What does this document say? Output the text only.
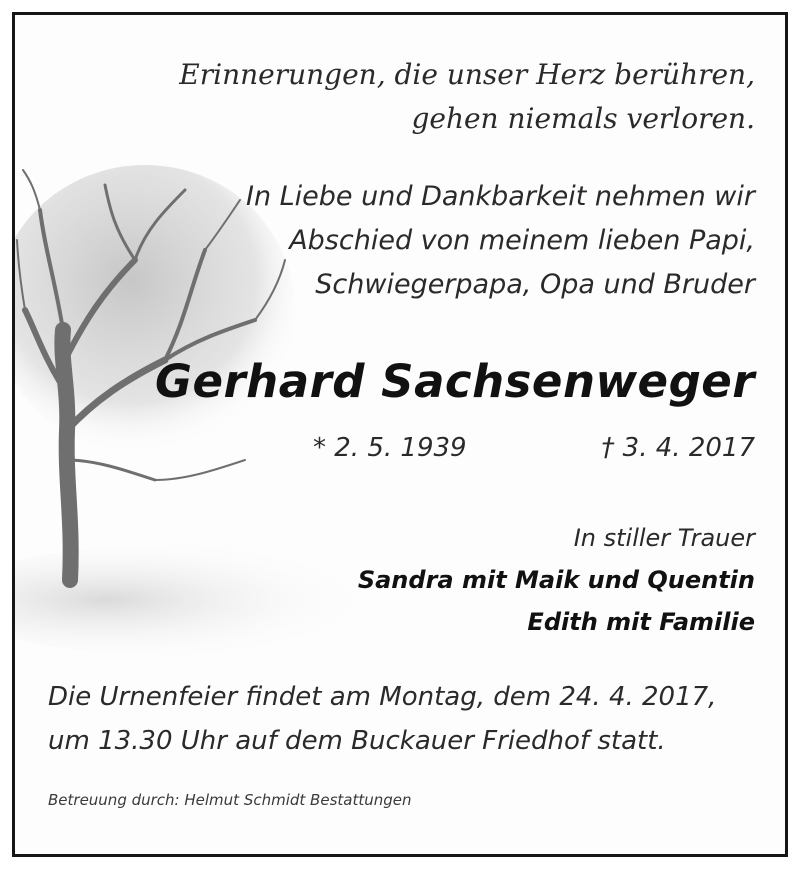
Erinnerungen, die unser Herz berühren,
gehen niemals verloren.
In Liebe und Dankbarkeit nehmen wir
Abschied von meinem lieben Papi,
Schwiegerpapa, Opa und Bruder
Gerhard Sachsenweger
* 2. 5. 1939	† 3. 4. 2017
In stiller Trauer
Sandra mit Maik und Quentin
Edith mit Familie
Die Urnenfeier findet am Montag, dem 24. 4. 2017,
um 13.30 Uhr auf dem Buckauer Friedhof statt.
Betreuung durch: Helmut Schmidt Bestattungen
